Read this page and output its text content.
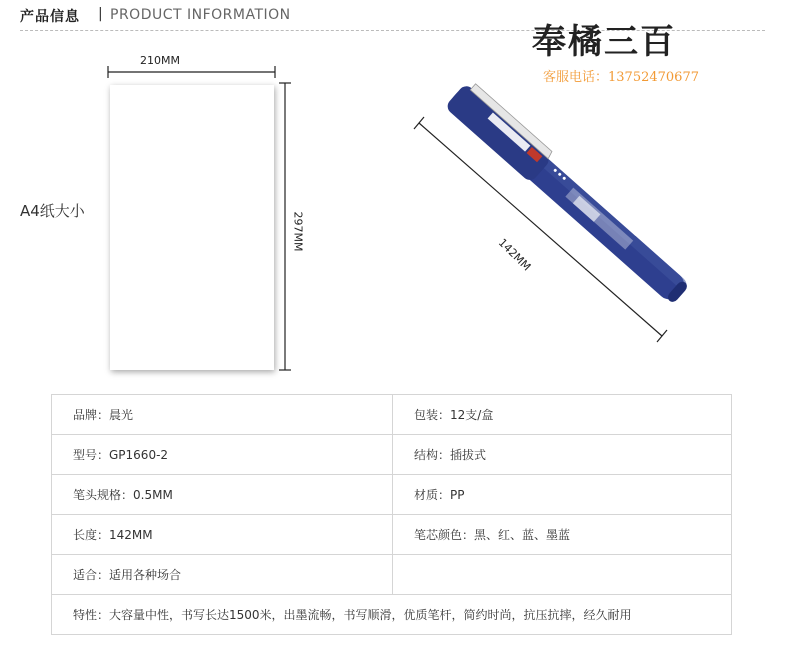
产品信息 | PRODUCT INFORMATION
奉橘三百
客服电话：13752470677
A4纸大小
210MM
297MM
142MM
品牌：晨光	包装：12支/盒
型号：GP1660-2	结构：插拔式
笔头规格：0.5MM	材质：PP
长度：142MM	笔芯颜色：黑、红、蓝、墨蓝
适合：适用各种场合	
特性：大容量中性，书写长达1500米，出墨流畅，书写顺滑，优质笔杆，简约时尚，抗压抗摔，经久耐用	
